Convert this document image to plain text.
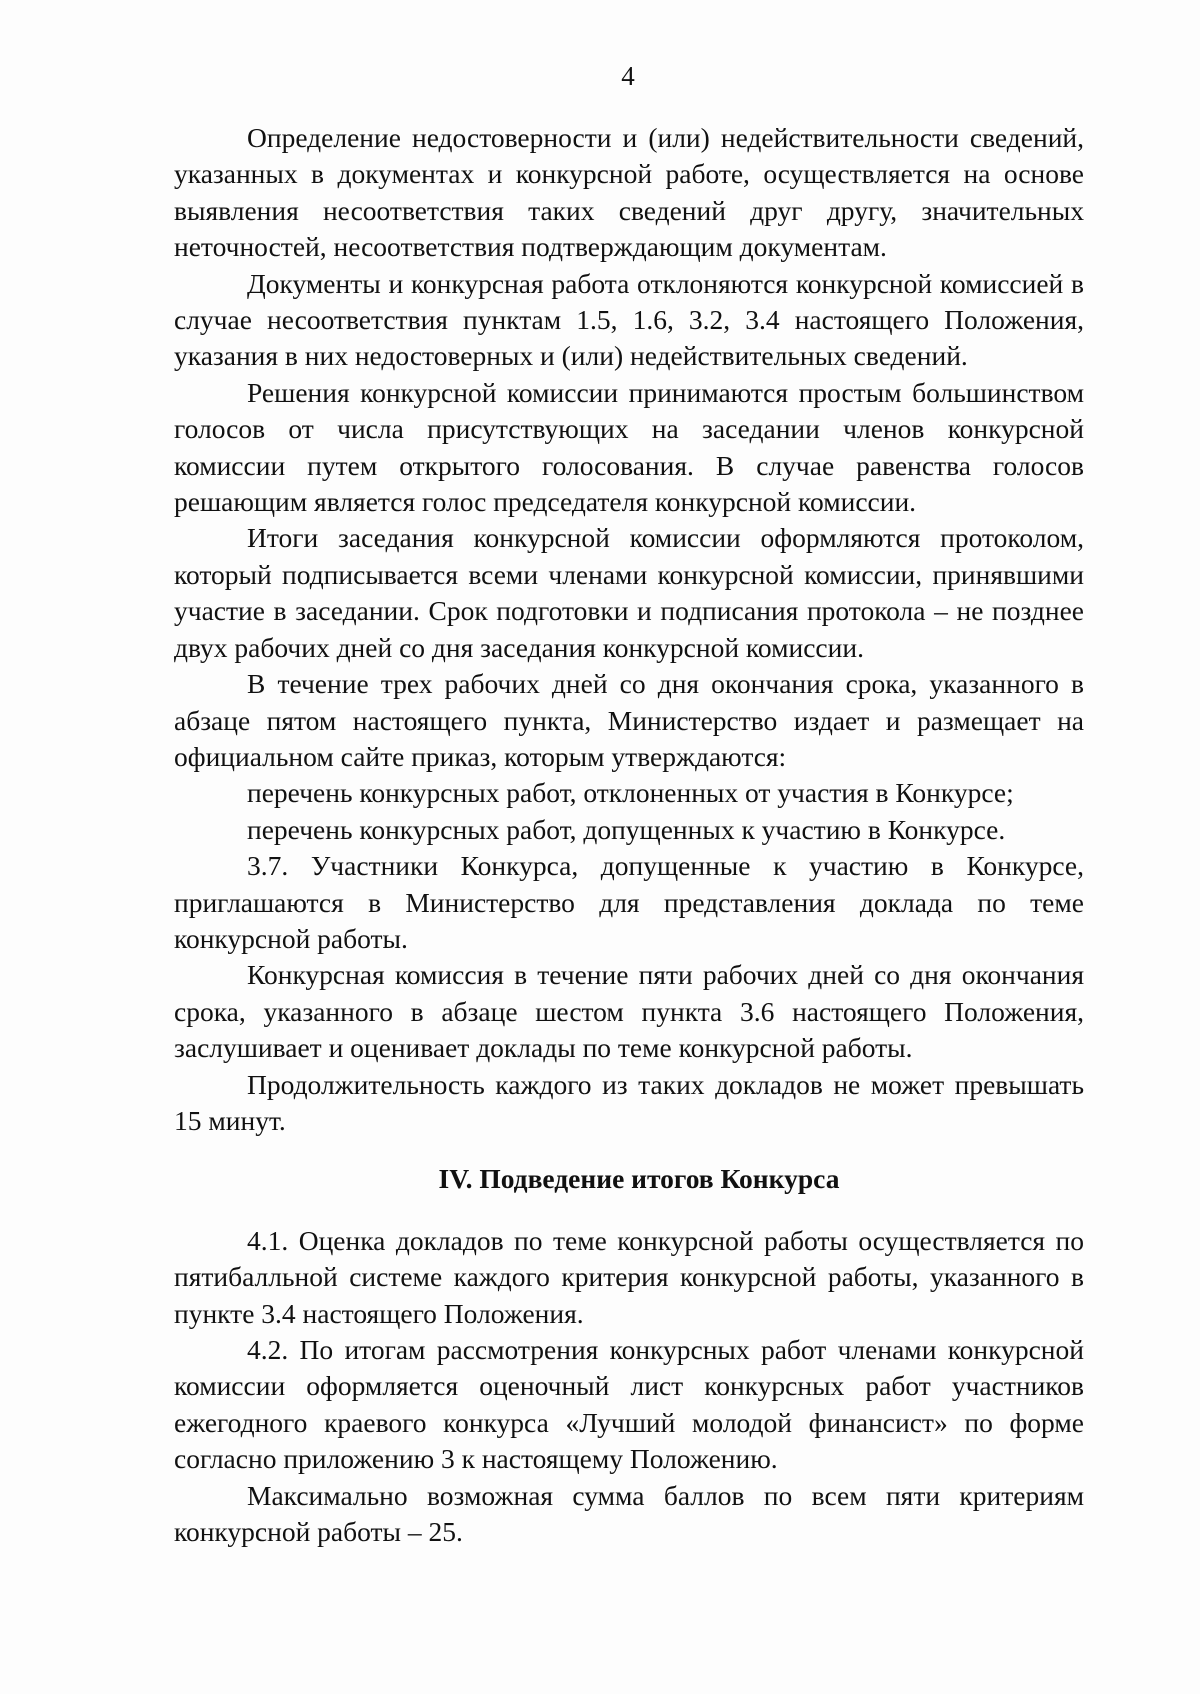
4

Определение недостоверности и (или) недействительности сведений, указанных в документах и конкурсной работе, осуществляется на основе выявления несоответствия таких сведений друг другу, значительных неточностей, несоответствия подтверждающим документам.

Документы и конкурсная работа отклоняются конкурсной комиссией в случае несоответствия пунктам 1.5, 1.6, 3.2, 3.4 настоящего Положения, указания в них недостоверных и (или) недействительных сведений.

Решения конкурсной комиссии принимаются простым большинством голосов от числа присутствующих на заседании членов конкурсной комиссии путем открытого голосования. В случае равенства голосов решающим является голос председателя конкурсной комиссии.

Итоги заседания конкурсной комиссии оформляются протоколом, который подписывается всеми членами конкурсной комиссии, принявшими участие в заседании. Срок подготовки и подписания протокола – не позднее двух рабочих дней со дня заседания конкурсной комиссии.

В течение трех рабочих дней со дня окончания срока, указанного в абзаце пятом настоящего пункта, Министерство издает и размещает на официальном сайте приказ, которым утверждаются:

перечень конкурсных работ, отклоненных от участия в Конкурсе;

перечень конкурсных работ, допущенных к участию в Конкурсе.

3.7. Участники Конкурса, допущенные к участию в Конкурсе, приглашаются в Министерство для представления доклада по теме конкурсной работы.

Конкурсная комиссия в течение пяти рабочих дней со дня окончания срока, указанного в абзаце шестом пункта 3.6 настоящего Положения, заслушивает и оценивает доклады по теме конкурсной работы.

Продолжительность каждого из таких докладов не может превышать 15 минут.

IV. Подведение итогов Конкурса

4.1. Оценка докладов по теме конкурсной работы осуществляется по пятибалльной системе каждого критерия конкурсной работы, указанного в пункте 3.4 настоящего Положения.

4.2. По итогам рассмотрения конкурсных работ членами конкурсной комиссии оформляется оценочный лист конкурсных работ участников ежегодного краевого конкурса «Лучший молодой финансист» по форме согласно приложению 3 к настоящему Положению.

Максимально возможная сумма баллов по всем пяти критериям конкурсной работы – 25.
